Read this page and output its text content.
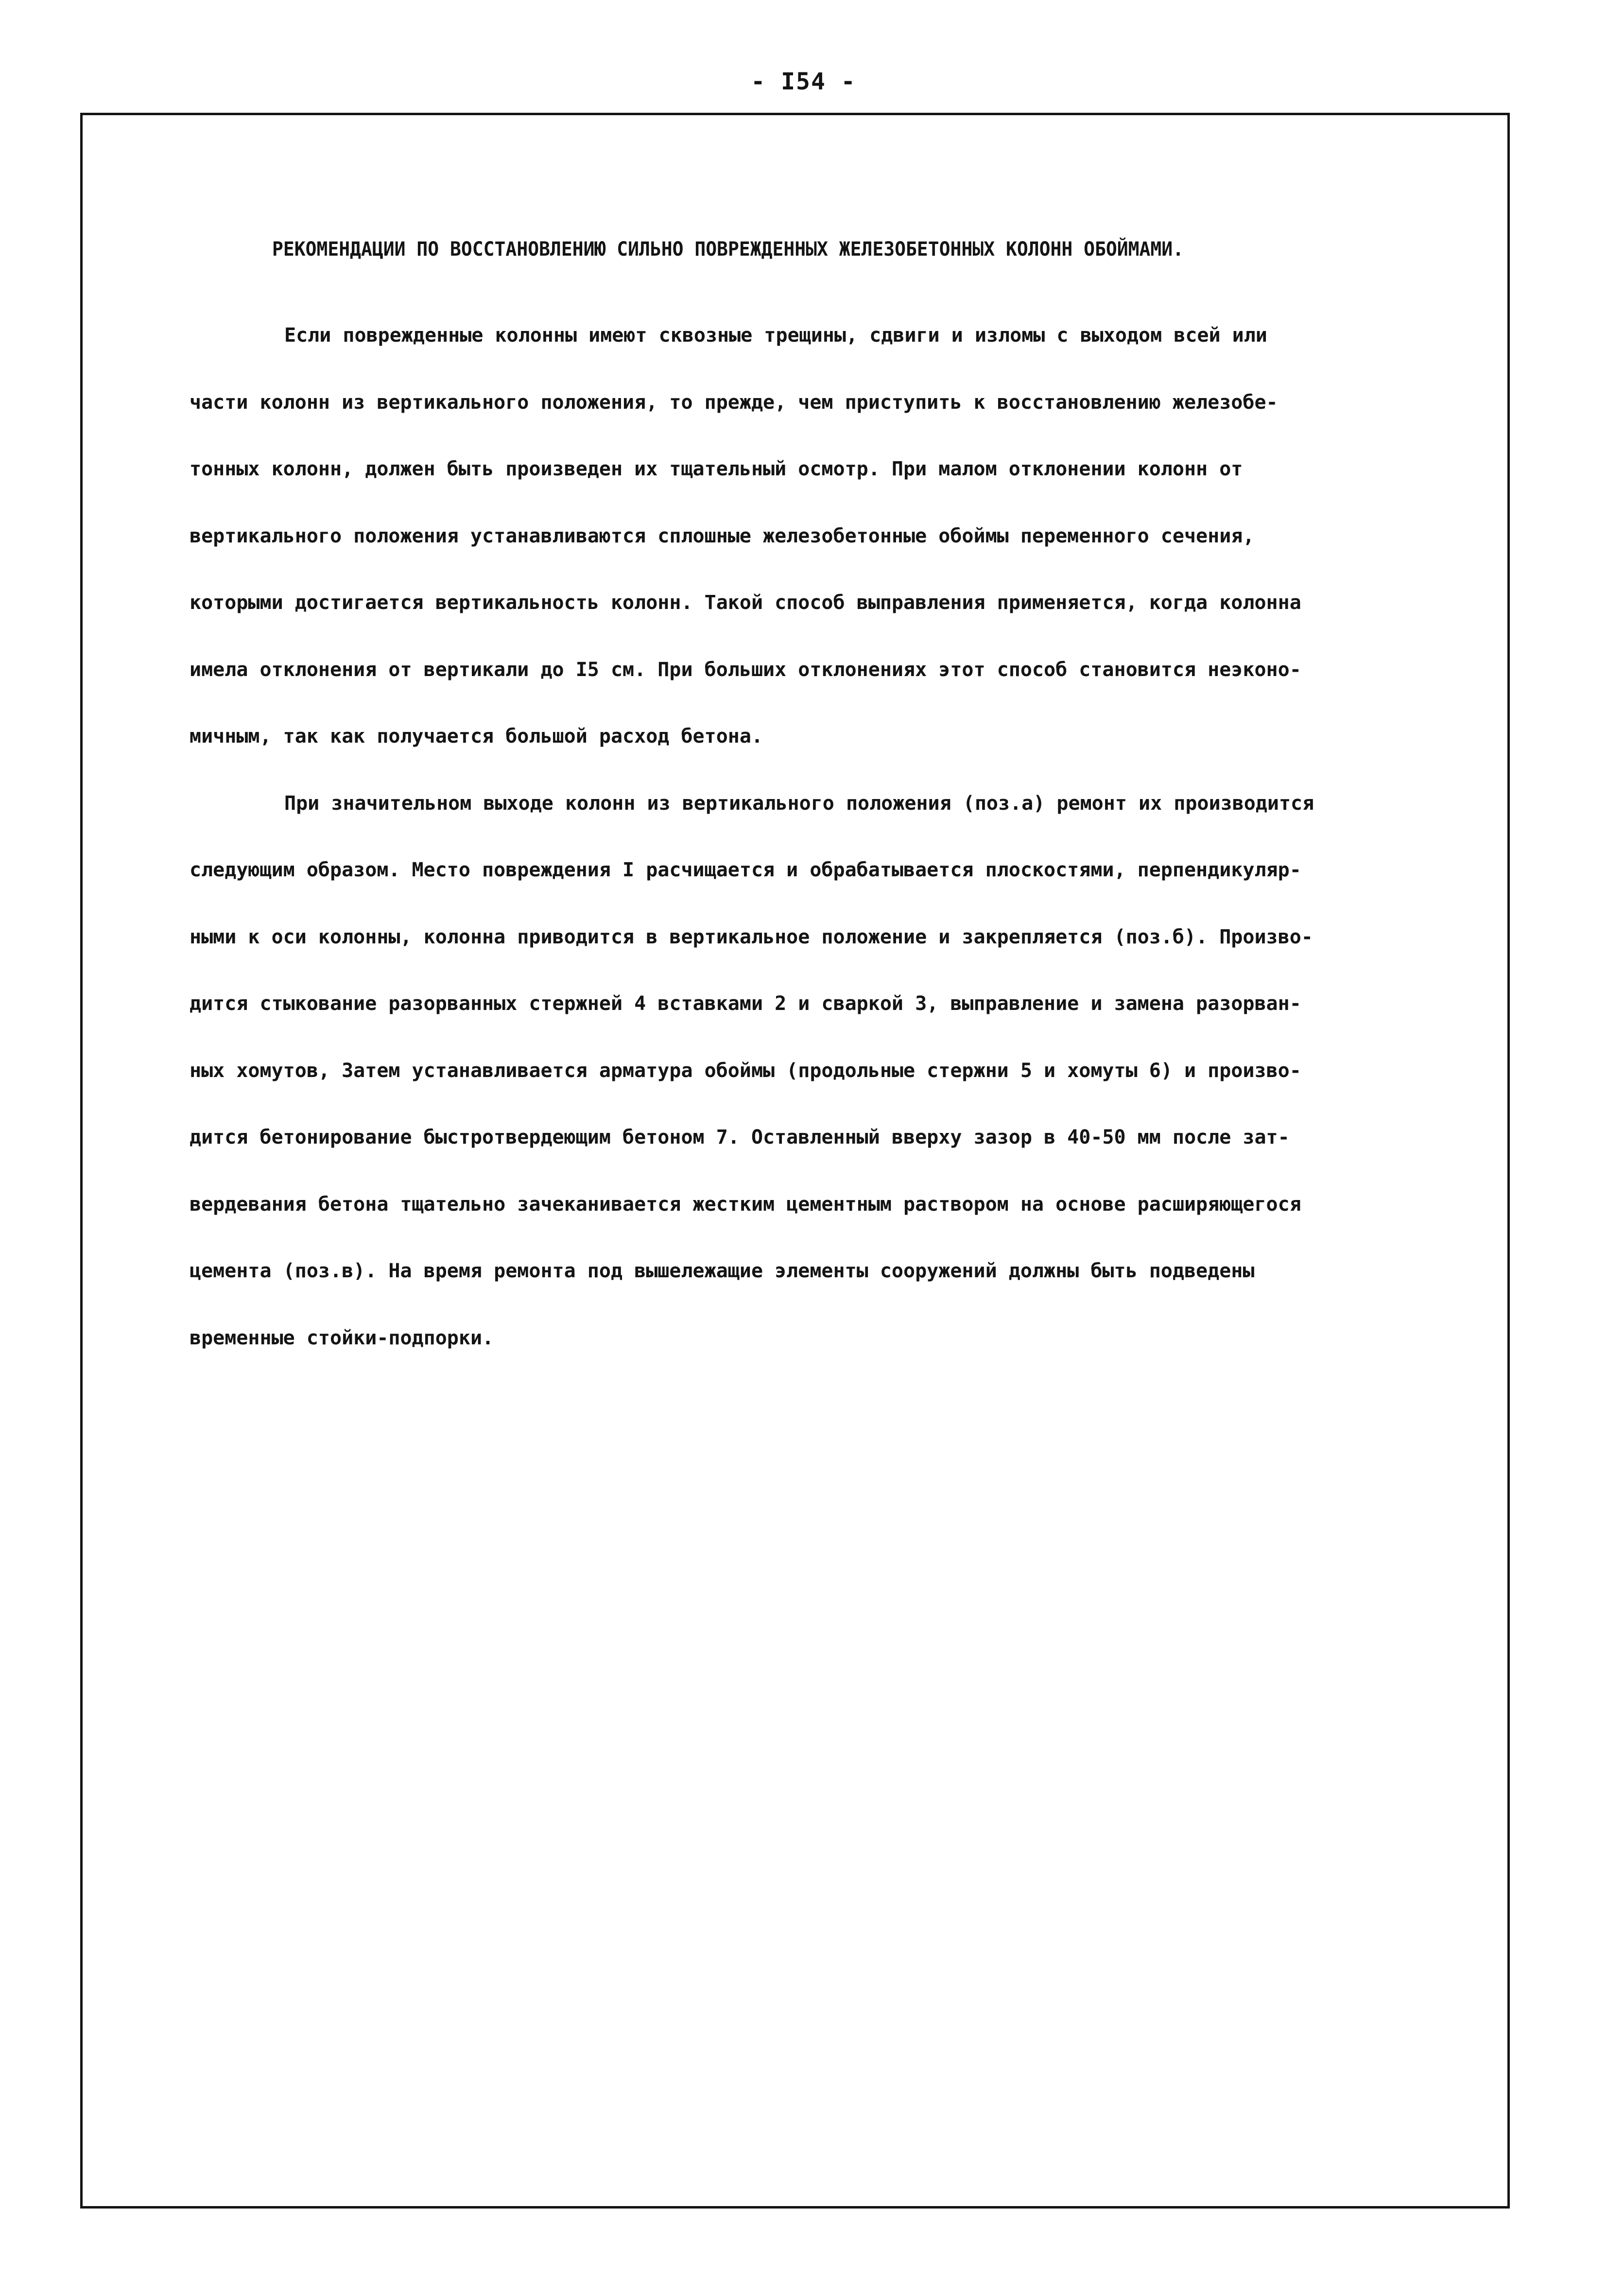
- I54 -
РЕКОМЕНДАЦИИ ПО ВОССТАНОВЛЕНИЮ СИЛЬНО ПОВРЕЖДЕННЫХ ЖЕЛЕЗОБЕТОННЫХ КОЛОНН ОБОЙМАМИ.
Если поврежденные колонны имеют сквозные трещины, сдвиги и изломы с выходом всей или
части колонн из вертикального положения, то прежде, чем приступить к восстановлению железобе-
тонных колонн, должен быть произведен их тщательный осмотр. При малом отклонении колонн от
вертикального положения устанавливаются сплошные железобетонные обоймы переменного сечения,
которыми достигается вертикальность колонн. Такой способ выправления применяется, когда колонна
имела отклонения от вертикали до I5 см. При больших отклонениях этот способ становится неэконо-
мичным, так как получается большой расход бетона.
При значительном выходе колонн из вертикального положения (поз.а) ремонт их производится
следующим образом. Место повреждения I расчищается и обрабатывается плоскостями, перпендикуляр-
ными к оси колонны, колонна приводится в вертикальное положение и закрепляется (поз.б). Произво-
дится стыкование разорванных стержней 4 вставками 2 и сваркой 3, выправление и замена разорван-
ных хомутов, Затем устанавливается арматура обоймы (продольные стержни 5 и хомуты 6) и произво-
дится бетонирование быстротвердеющим бетоном 7. Оставленный вверху зазор в 40-50 мм после зат-
вердевания бетона тщательно зачеканивается жестким цементным раствором на основе расширяющегося
цемента (поз.в). На время ремонта под вышележащие элементы сооружений должны быть подведены
временные стойки-подпорки.
